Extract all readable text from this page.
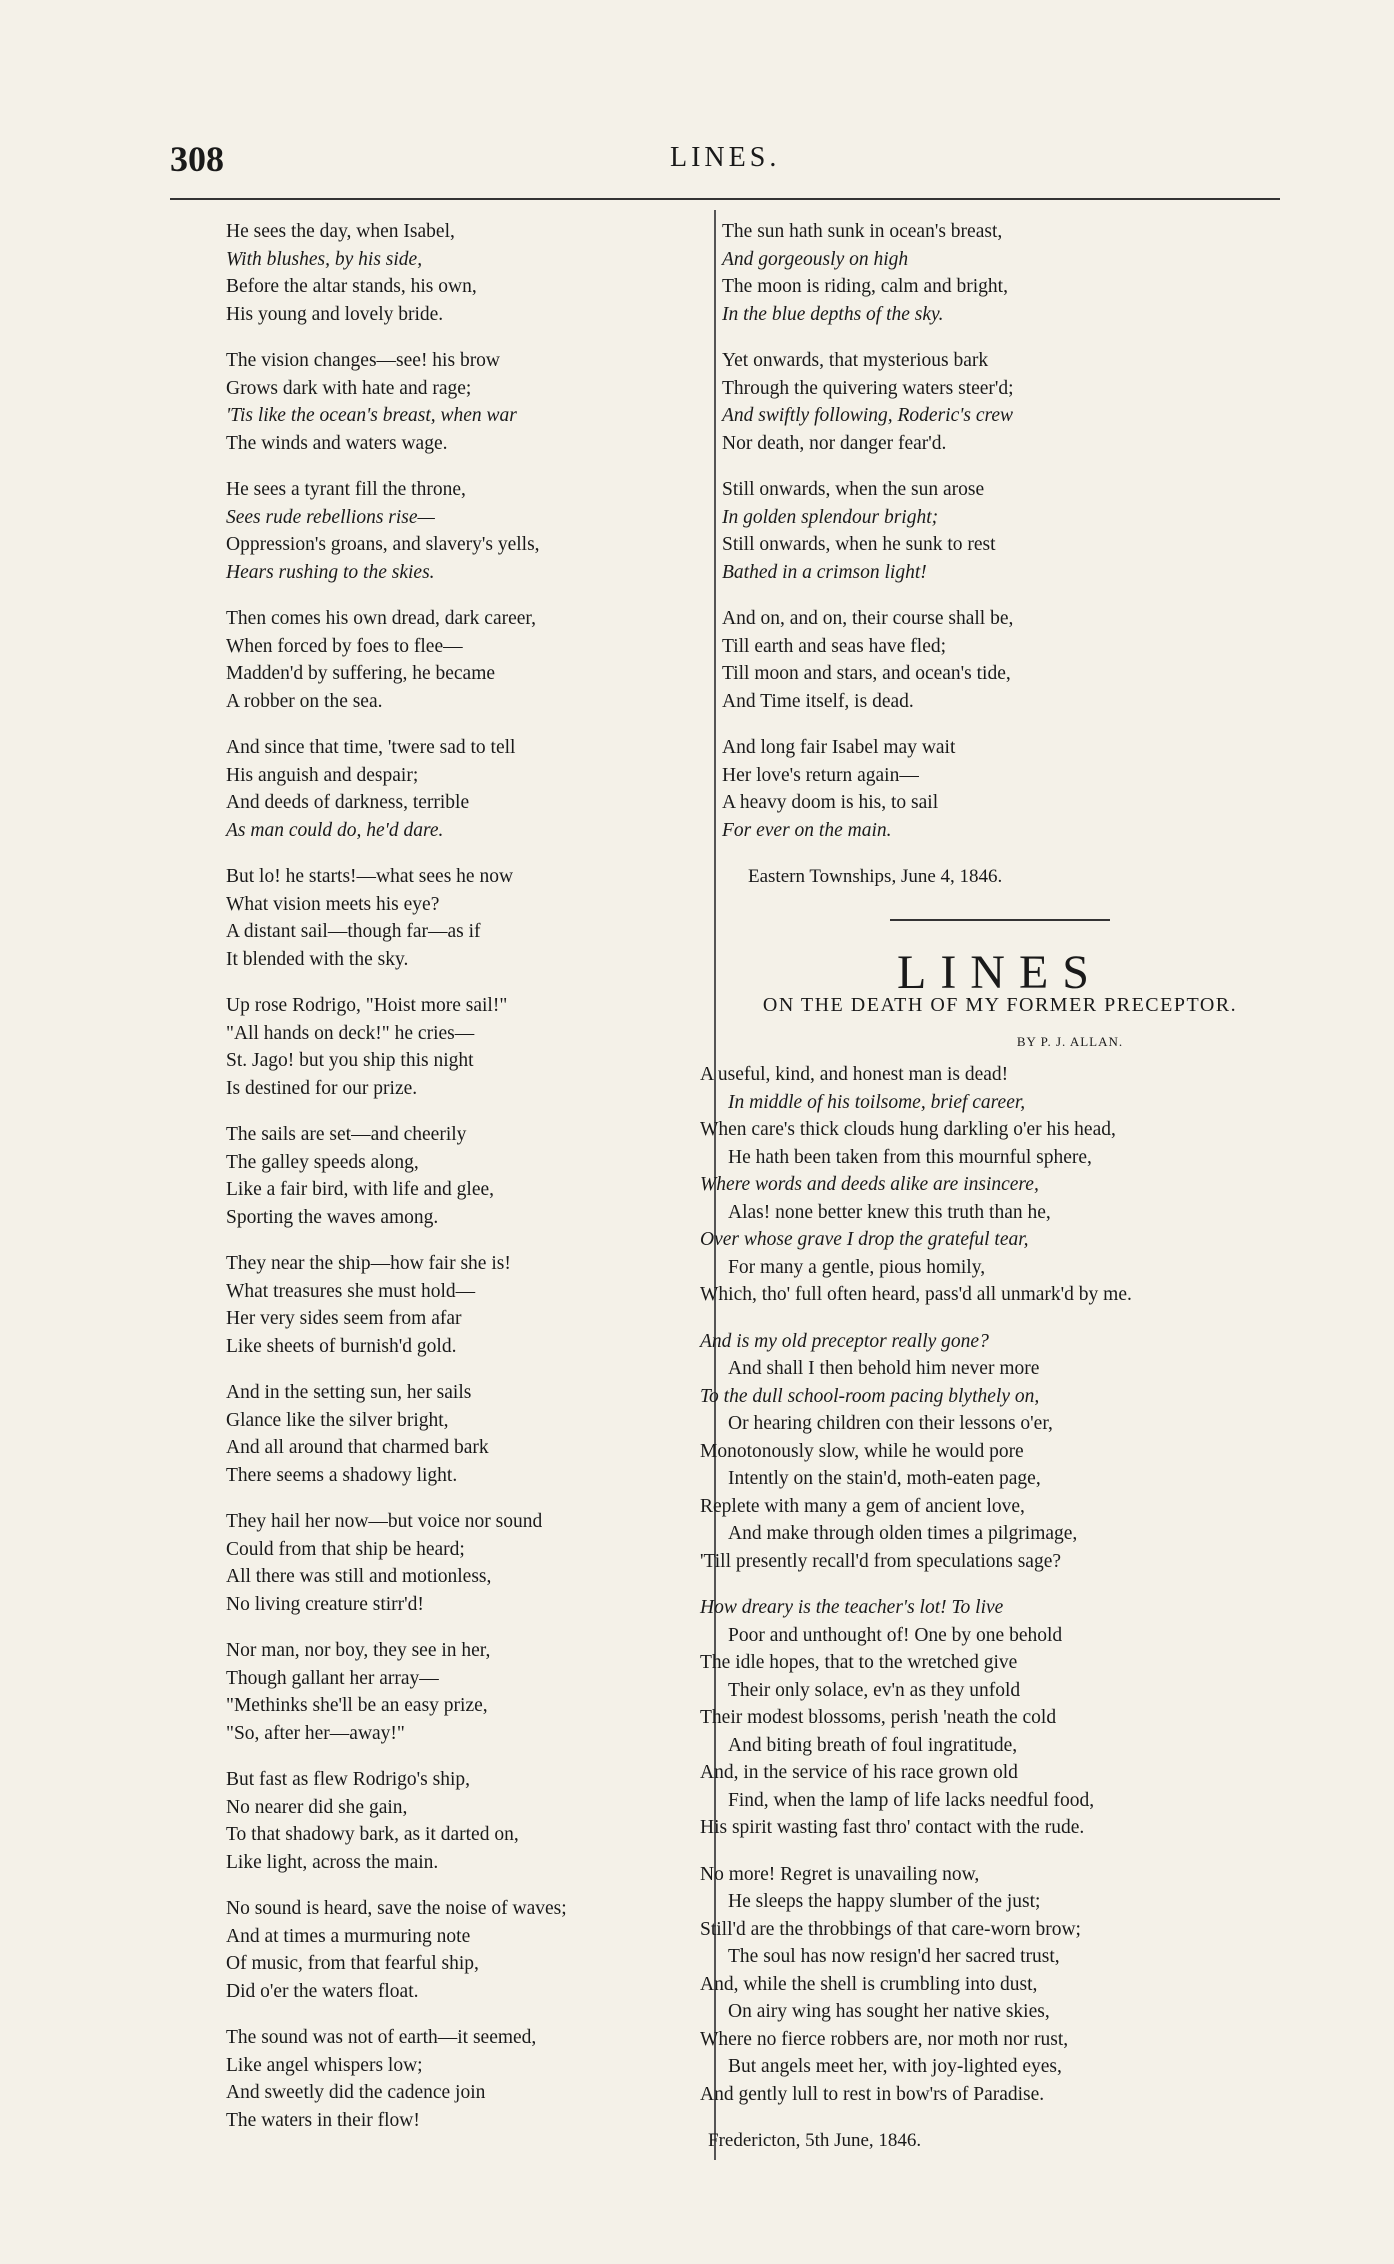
308	LINES.
He sees the day, when Isabel,
With blushes, by his side,
Before the altar stands, his own,
His young and lovely bride.
The vision changes—see! his brow
Grows dark with hate and rage;
'Tis like the ocean's breast, when war
The winds and waters wage.
He sees a tyrant fill the throne,
Sees rude rebellions rise—
Oppression's groans, and slavery's yells,
Hears rushing to the skies.
Then comes his own dread, dark career,
When forced by foes to flee—
Madden'd by suffering, he became
A robber on the sea.
And since that time, 'twere sad to tell
His anguish and despair;
And deeds of darkness, terrible
As man could do, he'd dare.
But lo! he starts!—what sees he now
What vision meets his eye?
A distant sail—though far—as if
It blended with the sky.
Up rose Rodrigo, "Hoist more sail!"
"All hands on deck!" he cries—
St. Jago! but you ship this night
Is destined for our prize.
The sails are set—and cheerily
The galley speeds along,
Like a fair bird, with life and glee,
Sporting the waves among.
They near the ship—how fair she is!
What treasures she must hold—
Her very sides seem from afar
Like sheets of burnish'd gold.
And in the setting sun, her sails
Glance like the silver bright,
And all around that charmed bark
There seems a shadowy light.
They hail her now—but voice nor sound
Could from that ship be heard;
All there was still and motionless,
No living creature stirr'd!
Nor man, nor boy, they see in her,
Though gallant her array—
"Methinks she'll be an easy prize,
"So, after her—away!"
But fast as flew Rodrigo's ship,
No nearer did she gain,
To that shadowy bark, as it darted on,
Like light, across the main.
No sound is heard, save the noise of waves;
And at times a murmuring note
Of music, from that fearful ship,
Did o'er the waters float.
The sound was not of earth—it seemed,
Like angel whispers low;
And sweetly did the cadence join
The waters in their flow!
The sun hath sunk in ocean's breast,
And gorgeously on high
The moon is riding, calm and bright,
In the blue depths of the sky.
Yet onwards, that mysterious bark
Through the quivering waters steer'd;
And swiftly following, Roderic's crew
Nor death, nor danger fear'd.
Still onwards, when the sun arose
In golden splendour bright;
Still onwards, when he sunk to rest
Bathed in a crimson light!
And on, and on, their course shall be,
Till earth and seas have fled;
Till moon and stars, and ocean's tide,
And Time itself, is dead.
And long fair Isabel may wait
Her love's return again—
A heavy doom is his, to sail
For ever on the main.
Eastern Townships, June 4, 1846.
LINES
ON THE DEATH OF MY FORMER PRECEPTOR.
BY P. J. ALLAN.
A useful, kind, and honest man is dead!
In middle of his toilsome, brief career,
When care's thick clouds hung darkling o'er his head,
He hath been taken from this mournful sphere,
Where words and deeds alike are insincere,
Alas! none better knew this truth than he,
Over whose grave I drop the grateful tear,
For many a gentle, pious homily,
Which, tho' full often heard, pass'd all unmark'd by me.
And is my old preceptor really gone?
And shall I then behold him never more
To the dull school-room pacing blythely on,
Or hearing children con their lessons o'er,
Monotonously slow, while he would pore
Intently on the stain'd, moth-eaten page,
Replete with many a gem of ancient love,
And make through olden times a pilgrimage,
'Till presently recall'd from speculations sage?
How dreary is the teacher's lot! To live
Poor and unthought of! One by one behold
The idle hopes, that to the wretched give
Their only solace, ev'n as they unfold
Their modest blossoms, perish 'neath the cold
And biting breath of foul ingratitude,
And, in the service of his race grown old
Find, when the lamp of life lacks needful food,
His spirit wasting fast thro' contact with the rude.
No more! Regret is unavailing now,
He sleeps the happy slumber of the just;
Still'd are the throbbings of that care-worn brow;
The soul has now resign'd her sacred trust,
And, while the shell is crumbling into dust,
On airy wing has sought her native skies,
Where no fierce robbers are, nor moth nor rust,
But angels meet her, with joy-lighted eyes,
And gently lull to rest in bow'rs of Paradise.
Fredericton, 5th June, 1846.
